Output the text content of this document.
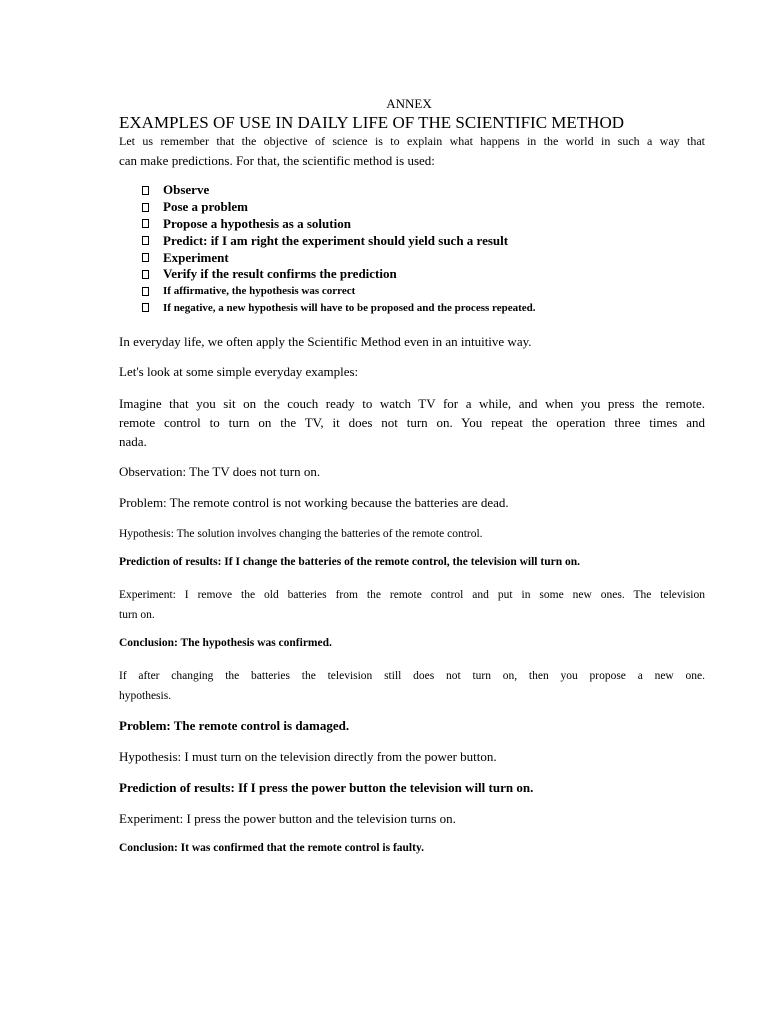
ANNEX
EXAMPLES OF USE IN DAILY LIFE OF THE SCIENTIFIC METHOD
Let us remember that the objective of science is to explain what happens in the world in such a way that
can make predictions. For that, the scientific method is used:
Observe
Pose a problem
Propose a hypothesis as a solution
Predict: if I am right the experiment should yield such a result
Experiment
Verify if the result confirms the prediction
If affirmative, the hypothesis was correct
If negative, a new hypothesis will have to be proposed and the process repeated.
In everyday life, we often apply the Scientific Method even in an intuitive way.
Let's look at some simple everyday examples:
Imagine that you sit on the couch ready to watch TV for a while, and when you press the remote.
remote control to turn on the TV, it does not turn on. You repeat the operation three times and
nada.
Observation: The TV does not turn on.
Problem: The remote control is not working because the batteries are dead.
Hypothesis: The solution involves changing the batteries of the remote control.
Prediction of results: If I change the batteries of the remote control, the television will turn on.
Experiment: I remove the old batteries from the remote control and put in some new ones. The television
turn on.
Conclusion: The hypothesis was confirmed.
If after changing the batteries the television still does not turn on, then you propose a new one.
hypothesis.
Problem: The remote control is damaged.
Hypothesis: I must turn on the television directly from the power button.
Prediction of results: If I press the power button the television will turn on.
Experiment: I press the power button and the television turns on.
Conclusion: It was confirmed that the remote control is faulty.
